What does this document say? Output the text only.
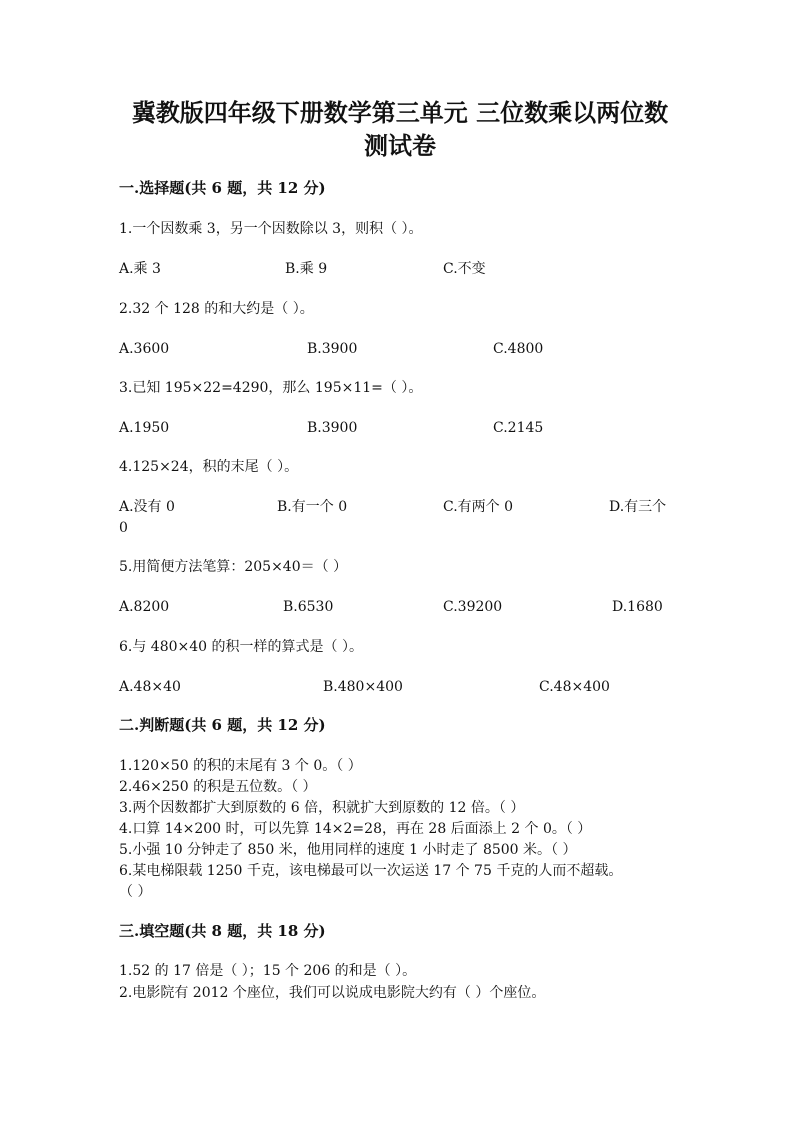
冀教版四年级下册数学第三单元 三位数乘以两位数
测试卷
一.选择题(共 6 题，共 12 分)
1.一个因数乘 3，另一个因数除以 3，则积（ ）。
A.乘 3	B.乘 9	C.不变
2.32 个 128 的和大约是（ ）。
A.3600	B.3900	C.4800
3.已知 195×22=4290，那么 195×11=（ ）。
A.1950	B.3900	C.2145
4.125×24，积的末尾（ ）。
A.没有 0	B.有一个 0	C.有两个 0	D.有三个
0
5.用简便方法笔算：205×40＝（ ）
A.8200	B.6530	C.39200	D.1680
6.与 480×40 的积一样的算式是（ ）。
A.48×40	B.480×400	C.48×400
二.判断题(共 6 题，共 12 分)
1.120×50 的积的末尾有 3 个 0。（ ）
2.46×250 的积是五位数。（ ）
3.两个因数都扩大到原数的 6 倍，积就扩大到原数的 12 倍。（ ）
4.口算 14×200 时，可以先算 14×2=28，再在 28 后面添上 2 个 0。（ ）
5.小强 10 分钟走了 850 米，他用同样的速度 1 小时走了 8500 米。（ ）
6.某电梯限载 1250 千克，该电梯最可以一次运送 17 个 75 千克的人而不超载。
（ ）
三.填空题(共 8 题，共 18 分)
1.52 的 17 倍是（ ）；15 个 206 的和是（ ）。
2.电影院有 2012 个座位，我们可以说成电影院大约有（ ）个座位。
